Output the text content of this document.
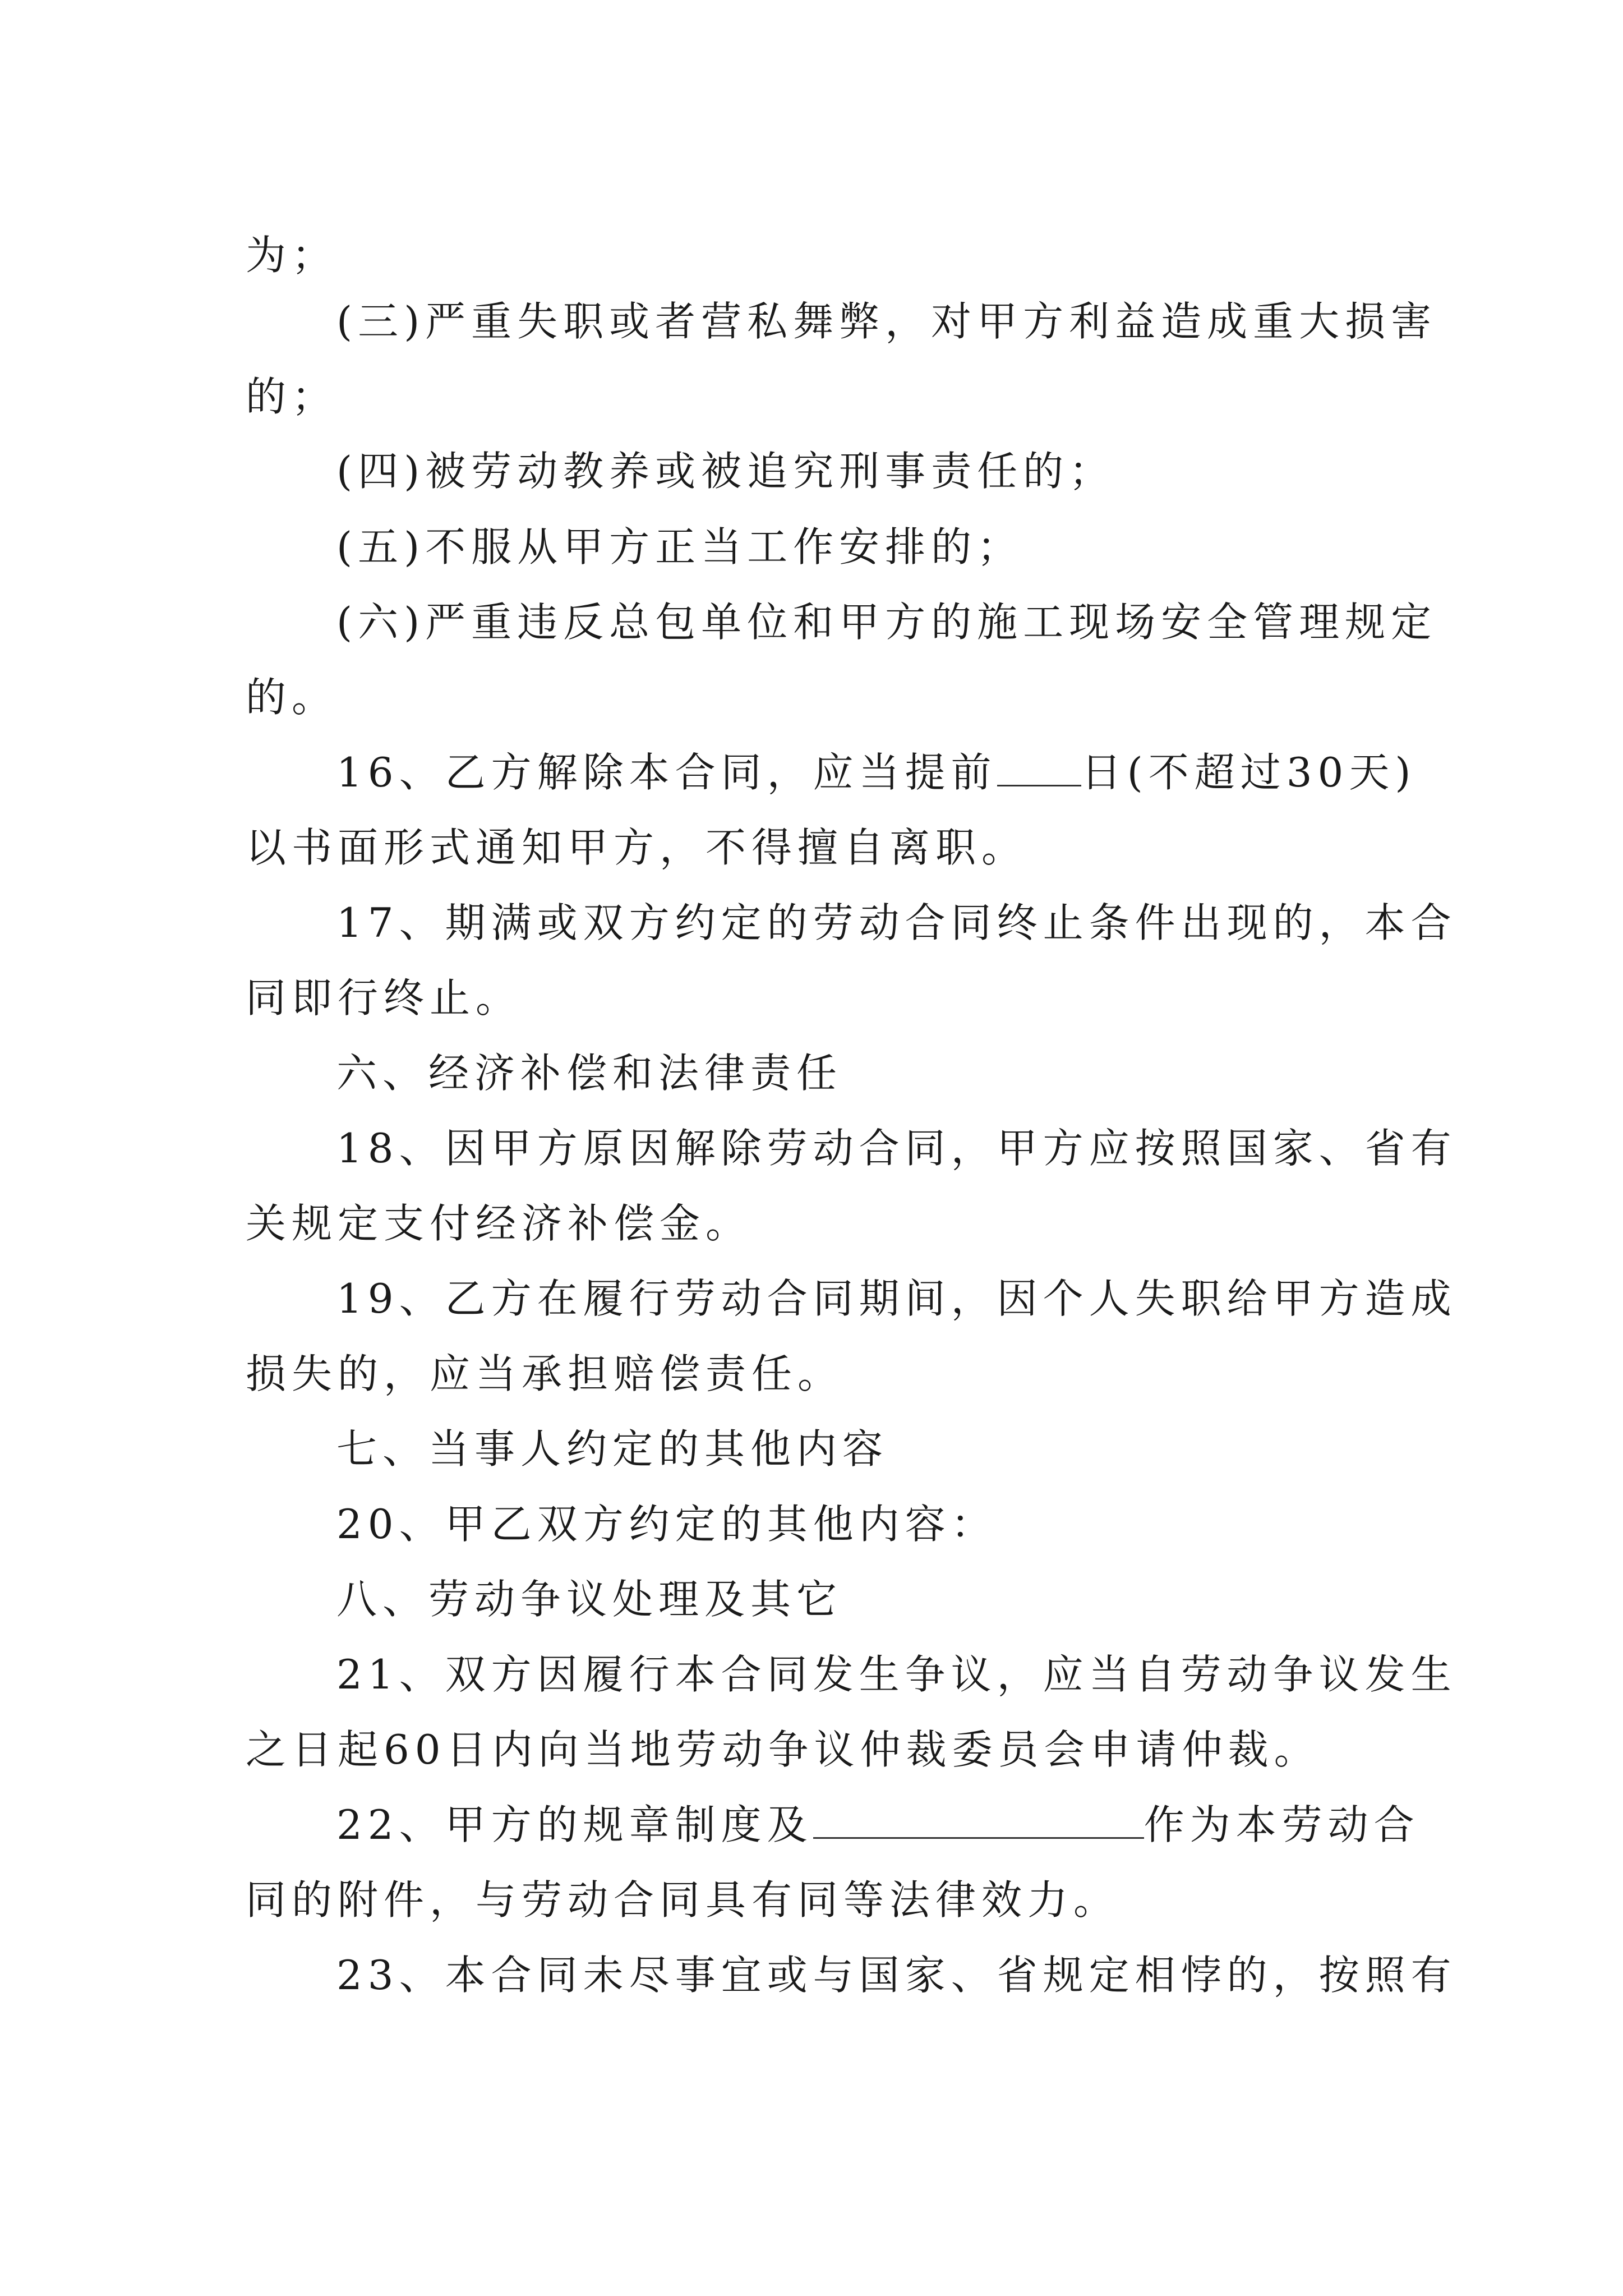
为；

(三)严重失职或者营私舞弊，对甲方利益造成重大损害

的；

(四)被劳动教养或被追究刑事责任的；

(五)不服从甲方正当工作安排的；

(六)严重违反总包单位和甲方的施工现场安全管理规定

的。

16、乙方解除本合同，应当提前 日(不超过30天)

以书面形式通知甲方，不得擅自离职。

17、期满或双方约定的劳动合同终止条件出现的，本合

同即行终止。

六、经济补偿和法律责任

18、因甲方原因解除劳动合同，甲方应按照国家、省有

关规定支付经济补偿金。

19、乙方在履行劳动合同期间，因个人失职给甲方造成

损失的，应当承担赔偿责任。

七、当事人约定的其他内容

20、甲乙双方约定的其他内容：

八、劳动争议处理及其它

21、双方因履行本合同发生争议，应当自劳动争议发生

之日起60日内向当地劳动争议仲裁委员会申请仲裁。

22、甲方的规章制度及	作为本劳动合

同的附件，与劳动合同具有同等法律效力。

23、本合同未尽事宜或与国家、省规定相悖的，按照有
